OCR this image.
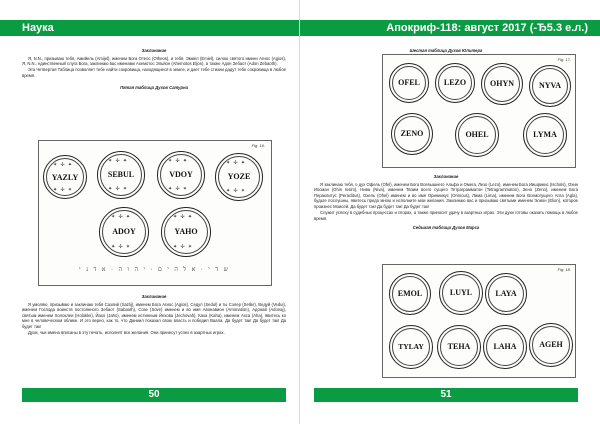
Наука

Заклинание

Я, N.N., призываю тебя, Амийель (Amijel), именем Бога Отеос (Otheos), и тебя, Эмиел (Emiel), силою святого имени Агиос (Agios), Я, N.N., единственный слуга Бога, заклинаю вас именами Ахемотос Эльйон (Ahemotos Eljon), а также Адон Зебаот (Adon Zebaoth).

Эта Четвертая Таблица позволяет тебе найти сокровища, находящиеся в земле, и дает тебе стихии дадут тебе сокровища в любое время.

Пятая таблица Духов Сатурна

Fig. 16.
YAZLY
✶ ✢ ✦
✦ ✢ ✶
SEBUL
✶ ✢ ✦
✦ ✢ ✶
VDOY
✶ ✢ ✦
✦ ✢ ✶
YOZE
✶ ✢ ✦
✦ ✢ ✶
ADOY
✶ ✢ ✦
✦ ✢ ✶
YAHO
✶ ✢ ✦
✦ ✢ ✶
ש ד י · א ל ה י ם · י ה ו ה · א ד נ י

Заклинание

Я умоляю, призываю и заклинаю тебя Сазлий (Sazlij), именем Бога Агиос (Agios), Седул (Sedul) и ты Сэлер (Seller), Ведуй (Vedui), именем Господа воинств постоянного Зебаот (Sabaoth), Созе (Sove) именем и во имя Авонавион (Amonation), Адонай (Adonaj), святым именем Холоклеи (Holoklei), Йахо (Jaho), именем истинным Йехова (Jechovah), Каха (Kaha), именем Ахса (Aha), явитесь ко мне в человеческом облике. И это верно, как то, что Даниил показал свою власть и победил Ваала. Да будет так! Да будет так! Да будет так!

Духи, чьи имена вписаны в эту печать, исполнят все желания. Они принесут успех в азартных играх.

50
Апокриф-118: август 2017 (-Ђ5.3 е.л.)

Шестая таблица Духов Юпитера

Fig. 17.
OFEL	LEZO	OHYN	NYVA
ZENO	OHEL	LYMA

Заклинание

Я заклинаю тебя, о дух Офель (Ofel), именем Бога Всевышнего Альфа и Омега, Лезо (Lezo), именем Бога Иишрикис (Ischiris), Охин Иосман (Ohin Iosim), Нива (Niva), именем Твоим всего сущего Тетраграмматон (Tetragrammaton), Зено (Zeno), именем Бога Пераклитус (Peraclitus), Охель (Ohel) именем и во имя Ориниикус (Orinicus), Лима (Lima), именем Бога Всемогущего Агла (Agla), будьте послушны, явитесь предо мною и исполните мои желания. Заклинаю вас и призываю святыми именем Элион (Elion), которое произнес Моисей. Да будет так! Да будет так! Да будет так!

Служит успеху в судебных процессах и спорах, а также приносит удачу в азартных играх. Эти духи готовы оказать помощь в любое время.

Седьмая таблица Духов Марса

Fig. 18.
EMOL	LUYL	LAYA
TYLAY	TEHA	LAHA	AGEH
51
